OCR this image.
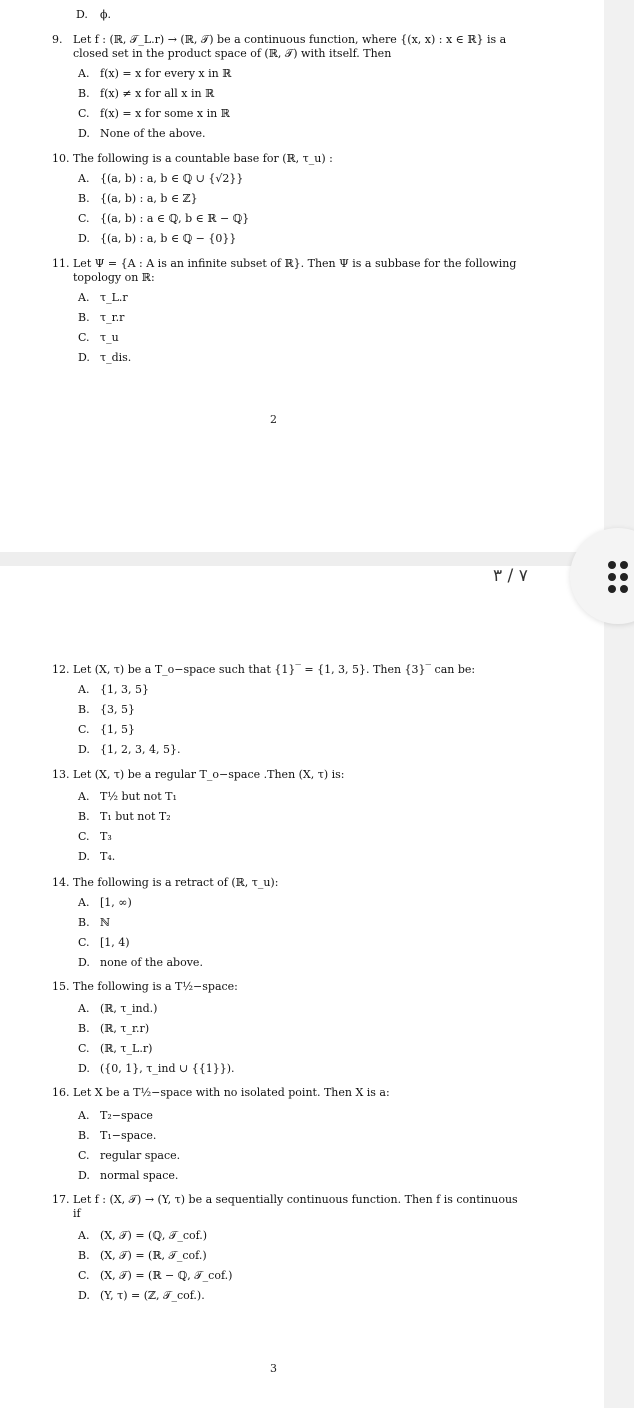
D. ϕ.
9. Let f : (ℝ, 𝒯_L.r) → (ℝ, 𝒯) be a continuous function, where {(x, x) : x ∈ ℝ} is a
closed set in the product space of (ℝ, 𝒯) with itself. Then
A. f(x) = x for every x in ℝ
B. f(x) ≠ x for all x in ℝ
C. f(x) = x for some x in ℝ
D. None of the above.
10. The following is a countable base for (ℝ, τ_u) :
A. {(a, b) : a, b ∈ ℚ ∪ {√2}}
B. {(a, b) : a, b ∈ ℤ}
C. {(a, b) : a ∈ ℚ, b ∈ ℝ − ℚ}
D. {(a, b) : a, b ∈ ℚ − {0}}
11. Let Ψ = {A : A is an infinite subset of ℝ}. Then Ψ is a subbase for the following
topology on ℝ:
A. τ_L.r
B. τ_r.r
C. τ_u
D. τ_dis.
2
12. Let (X, τ) be a T_o−space such that {1}‾ = {1, 3, 5}. Then {3}‾ can be:
A. {1, 3, 5}
B. {3, 5}
C. {1, 5}
D. {1, 2, 3, 4, 5}.
13. Let (X, τ) be a regular T_o−space .Then (X, τ) is:
A. T½ but not T₁
B. T₁ but not T₂
C. T₃
D. T₄.
14. The following is a retract of (ℝ, τ_u):
A. [1, ∞)
B. ℕ
C. [1, 4)
D. none of the above.
15. The following is a T½−space:
A. (ℝ, τ_ind.)
B. (ℝ, τ_r.r)
C. (ℝ, τ_L.r)
D. ({0, 1}, τ_ind ∪ {{1}}).
16. Let X be a T½−space with no isolated point. Then X is a:
A. T₂−space
B. T₁−space.
C. regular space.
D. normal space.
17. Let f : (X, 𝒯) → (Y, τ) be a sequentially continuous function. Then f is continuous
if
A. (X, 𝒯) = (ℚ, 𝒯_cof.)
B. (X, 𝒯) = (ℝ, 𝒯_cof.)
C. (X, 𝒯) = (ℝ − ℚ, 𝒯_cof.)
D. (Y, τ) = (ℤ, 𝒯_cof.).
3
٧ / ٣
